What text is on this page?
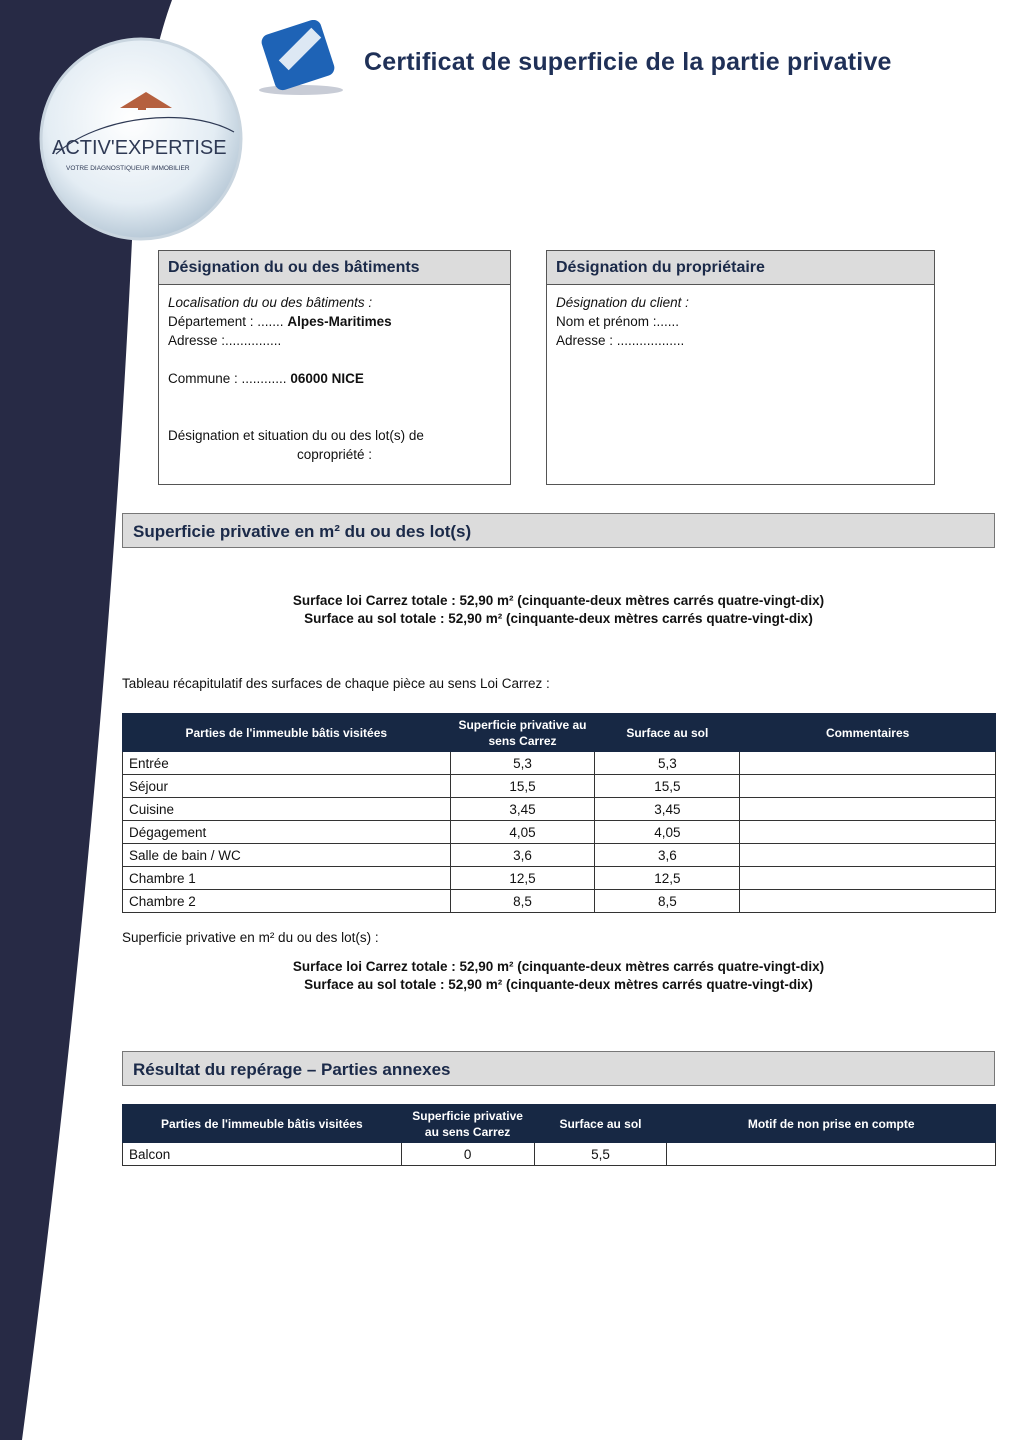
ACTIV'EXPERTISE
VOTRE DIAGNOSTIQUEUR IMMOBILIER
Certificat de superficie de la partie privative
Désignation du ou des bâtiments
Localisation du ou des bâtiments :
Département : ....... Alpes-Maritimes
Adresse :...............
Commune : ............ 06000 NICE
Désignation et situation du ou des lot(s) de
copropriété :
Désignation du propriétaire
Désignation du client :
Nom et prénom :......
Adresse : ..................
Superficie privative en m² du ou des lot(s)
Surface loi Carrez totale : 52,90 m² (cinquante-deux mètres carrés quatre-vingt-dix)
Surface au sol totale : 52,90 m² (cinquante-deux mètres carrés quatre-vingt-dix)
Tableau récapitulatif des surfaces de chaque pièce au sens Loi Carrez :
Parties de l'immeuble bâtis visitées	Superficie privative au sens Carrez	Surface au sol	Commentaires
Entrée	5,3	5,3	
Séjour	15,5	15,5	
Cuisine	3,45	3,45	
Dégagement	4,05	4,05	
Salle de bain / WC	3,6	3,6	
Chambre 1	12,5	12,5	
Chambre 2	8,5	8,5	
Superficie privative en m² du ou des lot(s) :
Surface loi Carrez totale : 52,90 m² (cinquante-deux mètres carrés quatre-vingt-dix)
Surface au sol totale : 52,90 m² (cinquante-deux mètres carrés quatre-vingt-dix)
Résultat du repérage – Parties annexes
Parties de l'immeuble bâtis visitées	Superficie privative au sens Carrez	Surface au sol	Motif de non prise en compte
Balcon	0	5,5	
